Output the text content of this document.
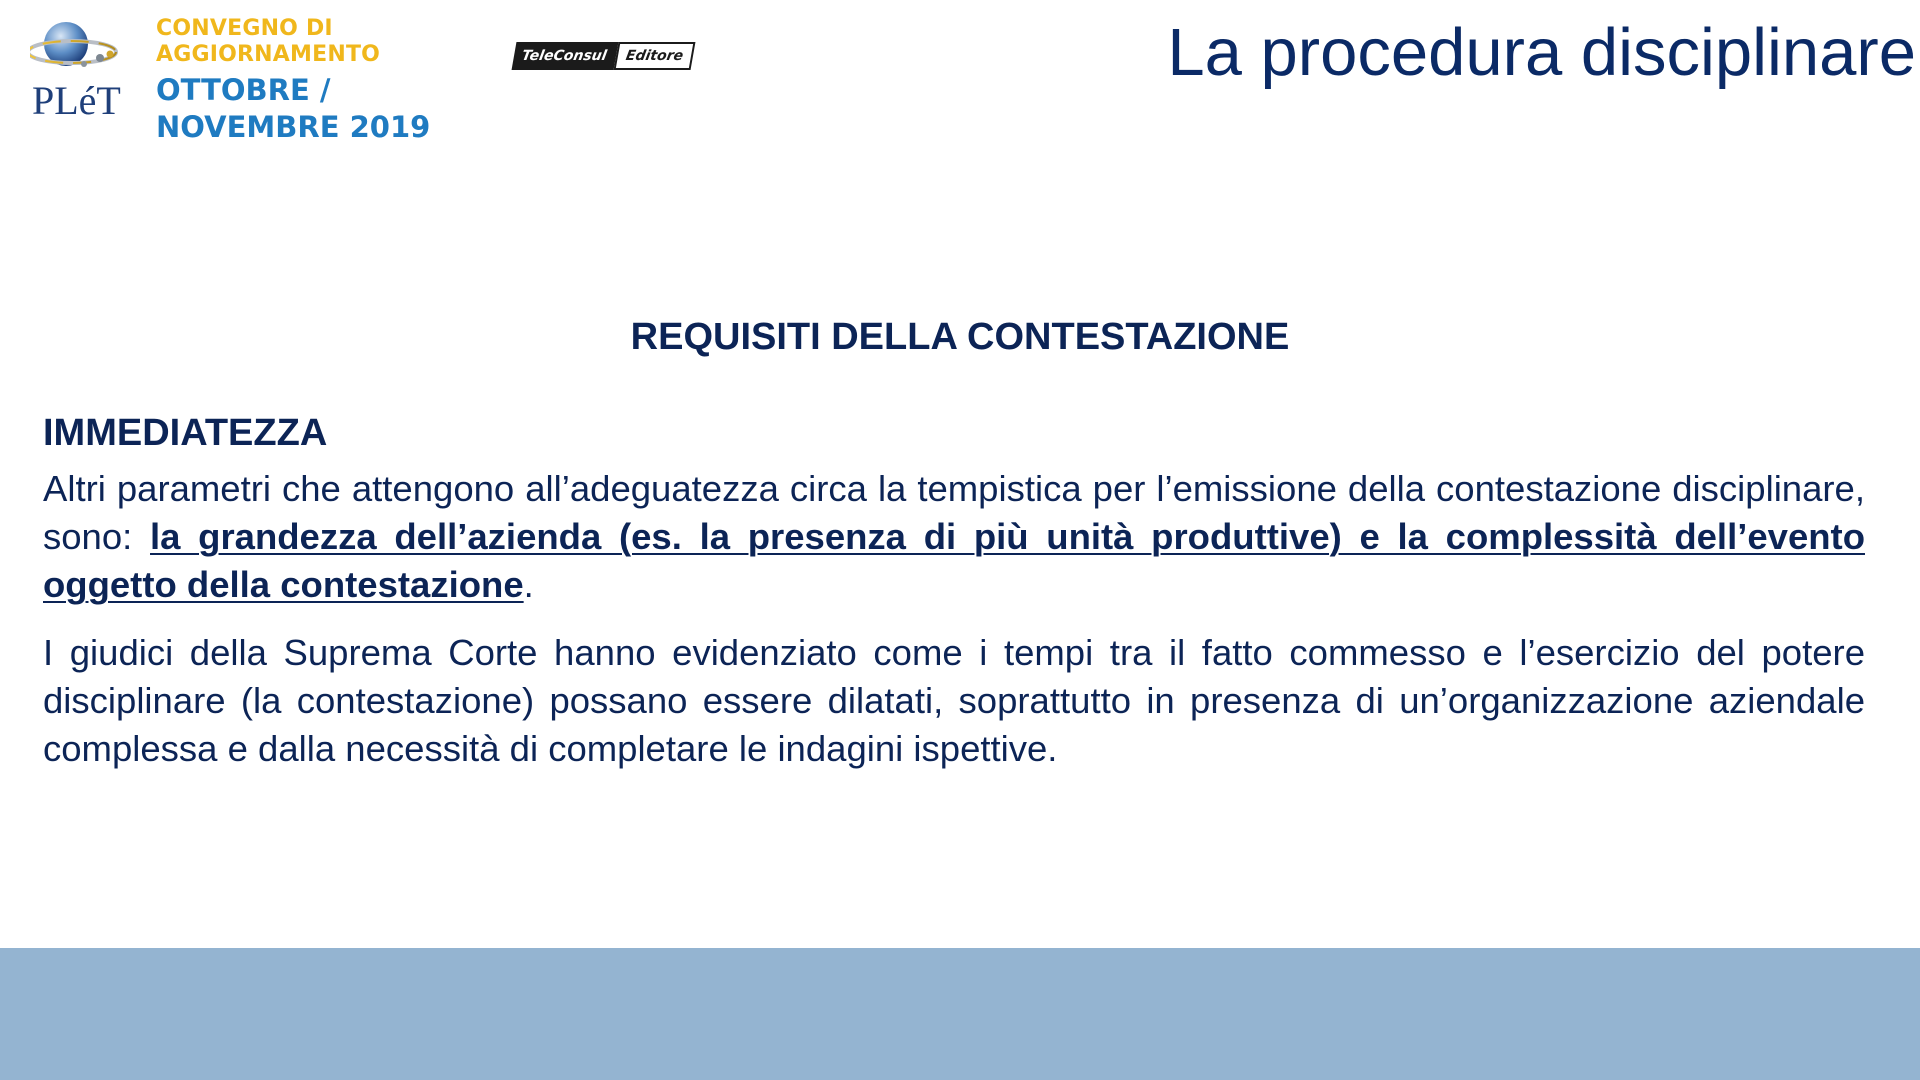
PLéT
CONVEGNO DI
AGGIORNAMENTO
OTTOBRE /
NOVEMBRE 2019
TeleConsul	Editore	La procedura disciplinare
REQUISITI DELLA CONTESTAZIONE
IMMEDIATEZZA

Altri parametri che attengono all’adeguatezza circa la tempistica per l’emissione della contestazione disciplinare, sono: la grandezza dell’azienda (es. la presenza di più unità produttive) e la complessità dell’evento oggetto della contestazione.

I giudici della Suprema Corte hanno evidenziato come i tempi tra il fatto commesso e l’esercizio del potere disciplinare (la contestazione) possano essere dilatati, soprattutto in presenza di un’organizzazione aziendale complessa e dalla necessità di completare le indagini ispettive.
